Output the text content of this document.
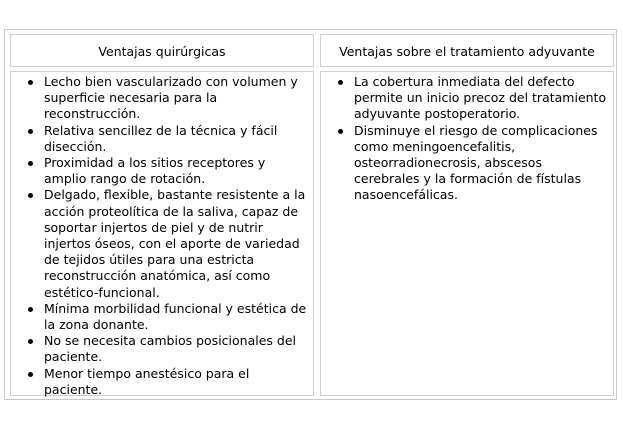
Ventajas quirúrgicas	Ventajas sobre el tratamiento adyuvante
Lecho bien vascularizado con volumen y superficie necesaria para la reconstrucción.
Relativa sencillez de la técnica y fácil disección.
Proximidad a los sitios receptores y amplio rango de rotación.
Delgado, flexible, bastante resistente a la acción proteolítica de la saliva, capaz de soportar injertos de piel y de nutrir injertos óseos, con el aporte de variedad de tejidos útiles para una estricta reconstrucción anatómica, así como estético-funcional.
Mínima morbilidad funcional y estética de la zona donante.
No se necesita cambios posicionales del paciente.
Menor tiempo anestésico para el paciente.
La cobertura inmediata del defecto permite un inicio precoz del tratamiento adyuvante postoperatorio.
Disminuye el riesgo de complicaciones como meningoencefalitis, osteorradionecrosis, abscesos cerebrales y la formación de fístulas nasoencefálicas.
